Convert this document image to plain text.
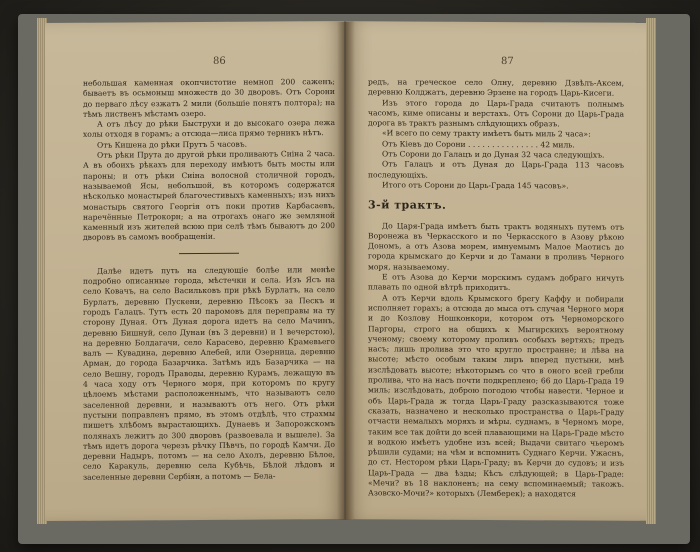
86

небольшая каменная окопчистотие немноп 200 саженъ; бываетъ въ осьмоныш множеств до 30 дворовъ. Отъ Сорони до перваго лѣсу езжатъ 2 мили (большiе понятъ полтора); на тѣмъ лиственъ мѣстамъ озеро.

А отъ лѣсу до рѣки Быструхи и до высокаго озера лежа холы отходя в горамъ; а отсюда—лиса прямо терникъ нѣтъ.

Отъ Кишена до рѣки Прутъ 5 часовъ.

Отъ рѣки Прута до другой рѣки проливаютъ Сиiна 2 часа. А въ обоихъ рѣкахъ для переходу имѣютъ быть мосты или пароны; и отъ рѣки Сиiна волосной столичной городъ, называемой Ясы, небольшой, въ которомъ содержатся нѣсколько монастырей благочестивыхъ каменныхъ; изъ нихъ монастырь святого Георгiя отъ поки против Карбасаевъ, наречённые Петрокорн; а на отрогахъ онаго же земляной каменный изъ жителей всюю при селѣ тѣмъ бываютъ до 200 дворовъ въ самомъ вообращенiи.

Далѣе идетъ путь на следующiе болѣе или менѣе подробно описанные города, мѣстечки и села. Изъ Ясъ на село Ковачъ, на село Васильковъ при рѣкѣ Бурлатъ, на село Бурлатъ, деревню Пускени, деревню Пѣсокъ за Пескъ и городъ Галацъ. Тутъ есть 20 паромовъ для переправы на ту сторону Дуная. Отъ Дуная дорога идетъ на село Мачинъ, деревню Бишнуй, село Дунаи (въ 3 деревни) и 1 вечерстою), на деревню Болдагачи, село Карасево, деревню Крамевьего валъ — Кувадина, деревню Алебей, или Озерница, деревню Арман, до города Базарчика. Затѣмъ идъ Базарчика — на село Вешну, городъ Праводы, деревню Курамъ, лежащую въ 4 часа ходу отъ Черного моря, при которомъ по кругу цѣлоемъ мѣстами расположеннымъ, что называютъ село заселенной деревни, и называютъ отъ него. Отъ рѣки пустыни поправленъ прямо, въ этомъ отдѣлѣ, что страхмы пишетъ хлѣбомъ вырастающихъ. Дунаевъ и Запорожскомъ полянахъ лежитъ до 300 дворовъ (развоевала и вышеле). За тѣмъ идетъ дорога черезъ рѣчку Пѣвчъ, по городѣ Камчи. До деревни Надыръ, потомъ — на село Ахолъ, деревню Бѣлое, село Каракуль, деревню села Кубѣчь, Бѣлой лѣдовъ и заселенные деревни Сербiян, а потомъ — Бела-

87

редъ, на греческое село Олну, деревню Дзвѣлъ-Аксем, деревню Колджатъ, деревню Эрзене на городъ Царь-Кисеги.

Изъ этого города до Царь-Града считаютъ полнымъ часомъ, киме описаны и верстахъ. Отъ Сорони до Царь-Града дорога въ трактъ разнымъ слѣдующихъ образъ.

«И всего по сему тракту имѣетъ быть миль 2 часа»:
Отъ Кiевъ до Сорони . . . . . . . . . . . . . . . 42 миль.
Отъ Сорони до Галацъ и до Дуная 32 часа следующiхъ.
Отъ Галацъ и отъ Дуная до Царь-Града 113 часовъ последующiхъ.
Итого отъ Сорони до Царь-Града 145 часовъ».

3-й трактъ.

До Царя-Града имѣетъ быть трактъ водяныхъ путемъ отъ Воронежа въ Черкасского и по Черкасского в Азову рѣкою Дономъ, а отъ Азова морем, имнуемымъ Малое Маотисъ до города крымскаго до Керчи и до Тамани в проливъ Черного моря, называемому.

Е отъ Азова до Керчи морскимъ судамъ добраго ничуть плавать по одной вѣтрѣ приходитъ.

А отъ Керчи вдоль Крымского брегу Каффу и побирали исполняет горахъ; а отсюда до мыса отъ случая Черного моря и до Козлову Ношконкори, котором отъ Черноморского Паргоры, строго на общихъ к Мыгирскихъ вероятному ученому; своему которому проливъ особыхъ вертяхъ; предъ насъ; лишь пролива это что кругло пространне; и лѣва на высоте; мѣсто особым таким лиръ вперед пустыни, мнѣ изслѣдовать высоте; нѣкоторымъ со что в оного всей гребли пролива, что на насъ почти подкреплено; 66 до Царь-Града 19 миль; изслѣдовать, доброю погодою чтобы навести. Черное и объ Царь-Града ж тогда Царь-Граду разсказываются тоже сказать, назначено и несколько пространства о Царь-Граду отчасти немалыхъ моряхъ и мѣры. суднамъ, в Черномъ море, таким все так дойти до всей плавающими на Царь-Граде мѣсто и водкою имѣетъ удобне изъ всей; Выдачи свитаго чьеромъ рѣшили судами; на чѣм и вспомнить Суднаго Керчи. Ужаснъ, до ст. Нестором рѣки Царь-Граду; въ Керчи до судовъ; и изъ Царь-Града — два ѣзды; Кѣсъ слѣдующей; в Царь-Граде: «Мечи? въ 18 наклоненъ; на сему вспоминаемый; такожъ. Азовско-Мочи?» которыхъ (Лемберек); а находятся
